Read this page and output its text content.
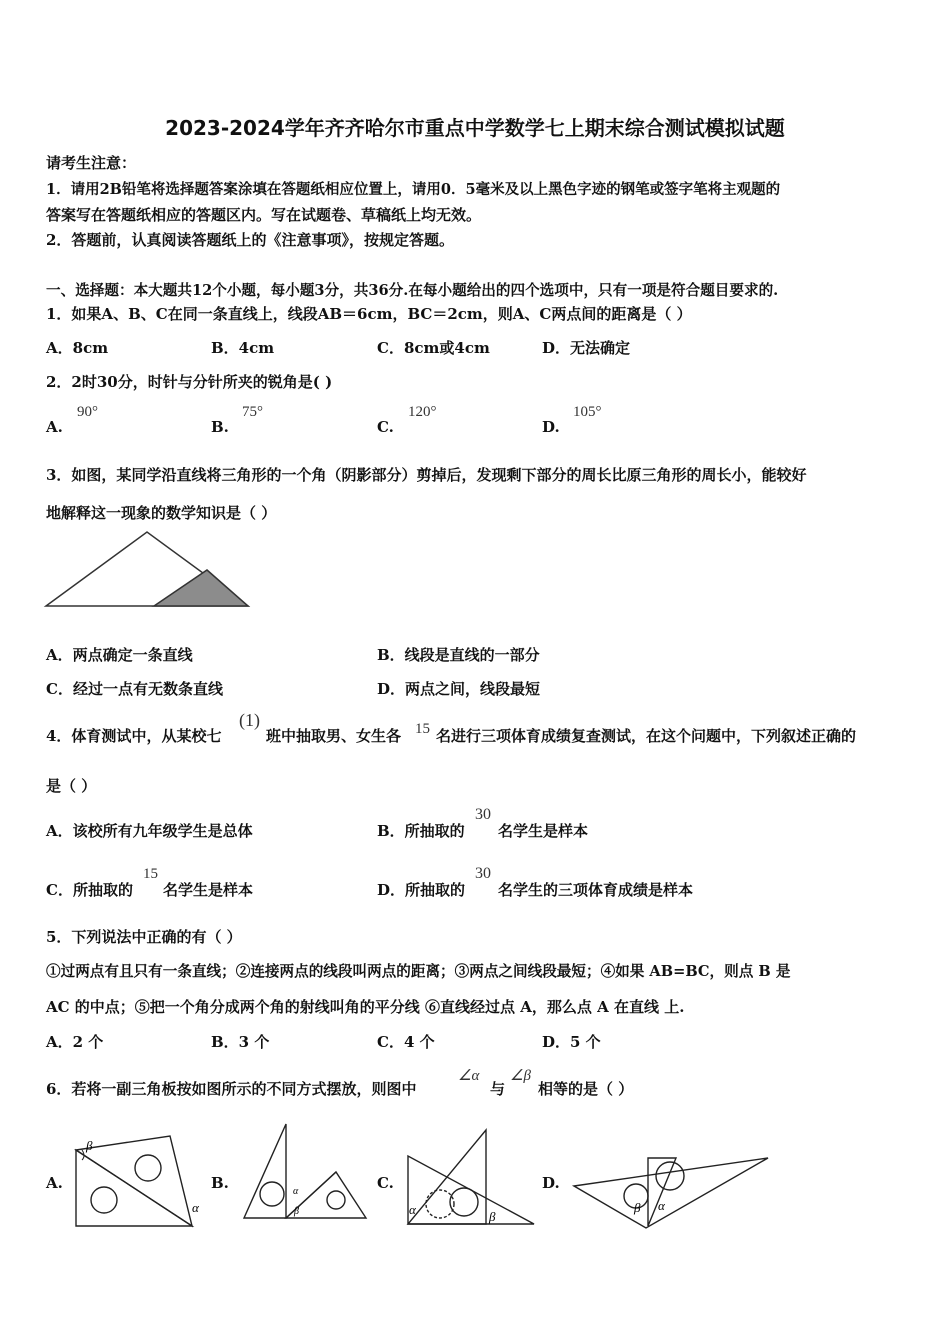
2023-2024学年齐齐哈尔市重点中学数学七上期末综合测试模拟试题
请考生注意：
1．请用2B铅笔将选择题答案涂填在答题纸相应位置上，请用0．5毫米及以上黑色字迹的钢笔或签字笔将主观题的
答案写在答题纸相应的答题区内。写在试题卷、草稿纸上均无效。
2．答题前，认真阅读答题纸上的《注意事项》，按规定答题。
一、选择题：本大题共12个小题，每小题3分，共36分.在每小题给出的四个选项中，只有一项是符合题目要求的.
1．如果A、B、C在同一条直线上，线段AB＝6cm，BC＝2cm，则A、C两点间的距离是（ ）
A．8cm	B．4cm	C．8cm或4cm	D．无法确定
2．2时30分，时针与分针所夹的锐角是( )
A.
90°
B.
75°
C.
120°
D.
105°
3．如图，某同学沿直线将三角形的一个角（阴影部分）剪掉后，发现剩下部分的周长比原三角形的周长小，能较好
地解释这一现象的数学知识是（ ）
A．两点确定一条直线	B．线段是直线的一部分
C．经过一点有无数条直线	D．两点之间，线段最短
4．体育测试中，从某校七
(1)
班中抽取男、女生各 15 名进行三项体育成绩复查测试，在这个问题中，下列叙述正确的
是（ ）
A．该校所有九年级学生是总体	B．所抽取的
30
名学生是样本
C．所抽取的
15
名学生是样本	D．所抽取的
30
名学生的三项体育成绩是样本
5．下列说法中正确的有（ ）
①过两点有且只有一条直线；②连接两点的线段叫两点的距离；③两点之间线段最短；④如果 AB=BC，则点 B 是
AC 的中点；⑤把一个角分成两个角的射线叫角的平分线 ⑥直线经过点 A，那么点 A 在直线 上.
A．2 个	B．3 个	C．4 个	D．5 个
6．若将一副三角板按如图所示的不同方式摆放，则图中
∠α
与
∠β
相等的是（ ）
A.	B.	C.	D.
β
α
α
β	α	β
β α
